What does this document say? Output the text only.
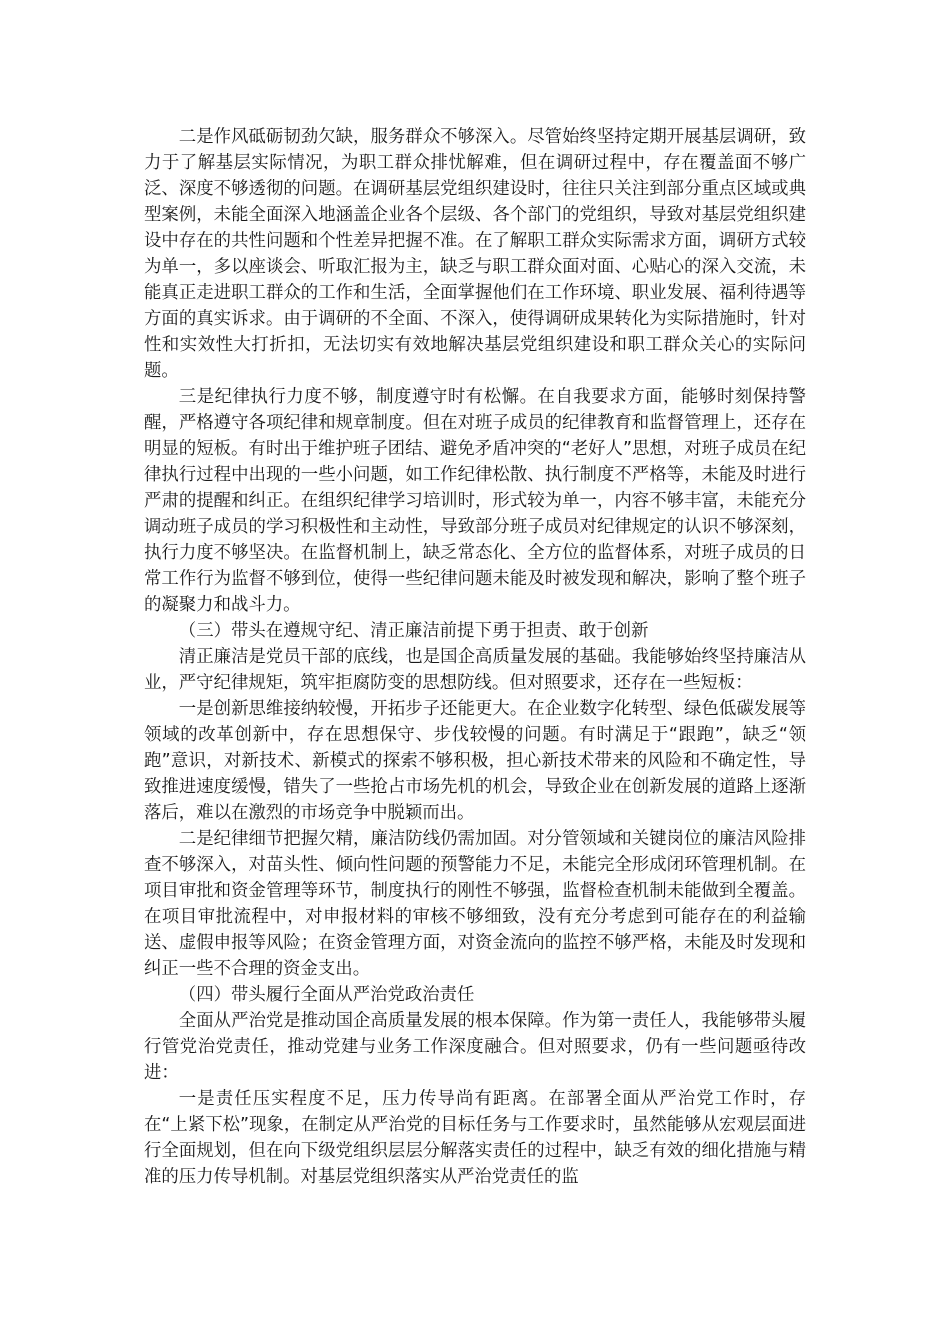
二是作风砥砺韧劲欠缺，服务群众不够深入。尽管始终坚持定期开展基层调研，致力于了解基层实际情况，为职工群众排忧解难，但在调研过程中，存在覆盖面不够广泛、深度不够透彻的问题。在调研基层党组织建设时，往往只关注到部分重点区域或典型案例，未能全面深入地涵盖企业各个层级、各个部门的党组织，导致对基层党组织建设中存在的共性问题和个性差异把握不准。在了解职工群众实际需求方面，调研方式较为单一，多以座谈会、听取汇报为主，缺乏与职工群众面对面、心贴心的深入交流，未能真正走进职工群众的工作和生活，全面掌握他们在工作环境、职业发展、福利待遇等方面的真实诉求。由于调研的不全面、不深入，使得调研成果转化为实际措施时，针对性和实效性大打折扣，无法切实有效地解决基层党组织建设和职工群众关心的实际问题。

三是纪律执行力度不够，制度遵守时有松懈。在自我要求方面，能够时刻保持警醒，严格遵守各项纪律和规章制度。但在对班子成员的纪律教育和监督管理上，还存在明显的短板。有时出于维护班子团结、避免矛盾冲突的“老好人”思想，对班子成员在纪律执行过程中出现的一些小问题，如工作纪律松散、执行制度不严格等，未能及时进行严肃的提醒和纠正。在组织纪律学习培训时，形式较为单一，内容不够丰富，未能充分调动班子成员的学习积极性和主动性，导致部分班子成员对纪律规定的认识不够深刻，执行力度不够坚决。在监督机制上，缺乏常态化、全方位的监督体系，对班子成员的日常工作行为监督不够到位，使得一些纪律问题未能及时被发现和解决，影响了整个班子的凝聚力和战斗力。

（三）带头在遵规守纪、清正廉洁前提下勇于担责、敢于创新

清正廉洁是党员干部的底线，也是国企高质量发展的基础。我能够始终坚持廉洁从业，严守纪律规矩，筑牢拒腐防变的思想防线。但对照要求，还存在一些短板：

一是创新思维接纳较慢，开拓步子还能更大。在企业数字化转型、绿色低碳发展等领域的改革创新中，存在思想保守、步伐较慢的问题。有时满足于“跟跑”，缺乏“领跑”意识，对新技术、新模式的探索不够积极，担心新技术带来的风险和不确定性，导致推进速度缓慢，错失了一些抢占市场先机的机会，导致企业在创新发展的道路上逐渐落后，难以在激烈的市场竞争中脱颖而出。

二是纪律细节把握欠精，廉洁防线仍需加固。对分管领域和关键岗位的廉洁风险排查不够深入，对苗头性、倾向性问题的预警能力不足，未能完全形成闭环管理机制。在项目审批和资金管理等环节，制度执行的刚性不够强，监督检查机制未能做到全覆盖。在项目审批流程中，对申报材料的审核不够细致，没有充分考虑到可能存在的利益输送、虚假申报等风险；在资金管理方面，对资金流向的监控不够严格，未能及时发现和纠正一些不合理的资金支出。

（四）带头履行全面从严治党政治责任

全面从严治党是推动国企高质量发展的根本保障。作为第一责任人，我能够带头履行管党治党责任，推动党建与业务工作深度融合。但对照要求，仍有一些问题亟待改进：

一是责任压实程度不足，压力传导尚有距离。在部署全面从严治党工作时，存在“上紧下松”现象，在制定从严治党的目标任务与工作要求时，虽然能够从宏观层面进行全面规划，但在向下级党组织层层分解落实责任的过程中，缺乏有效的细化措施与精准的压力传导机制。对基层党组织落实从严治党责任的监
